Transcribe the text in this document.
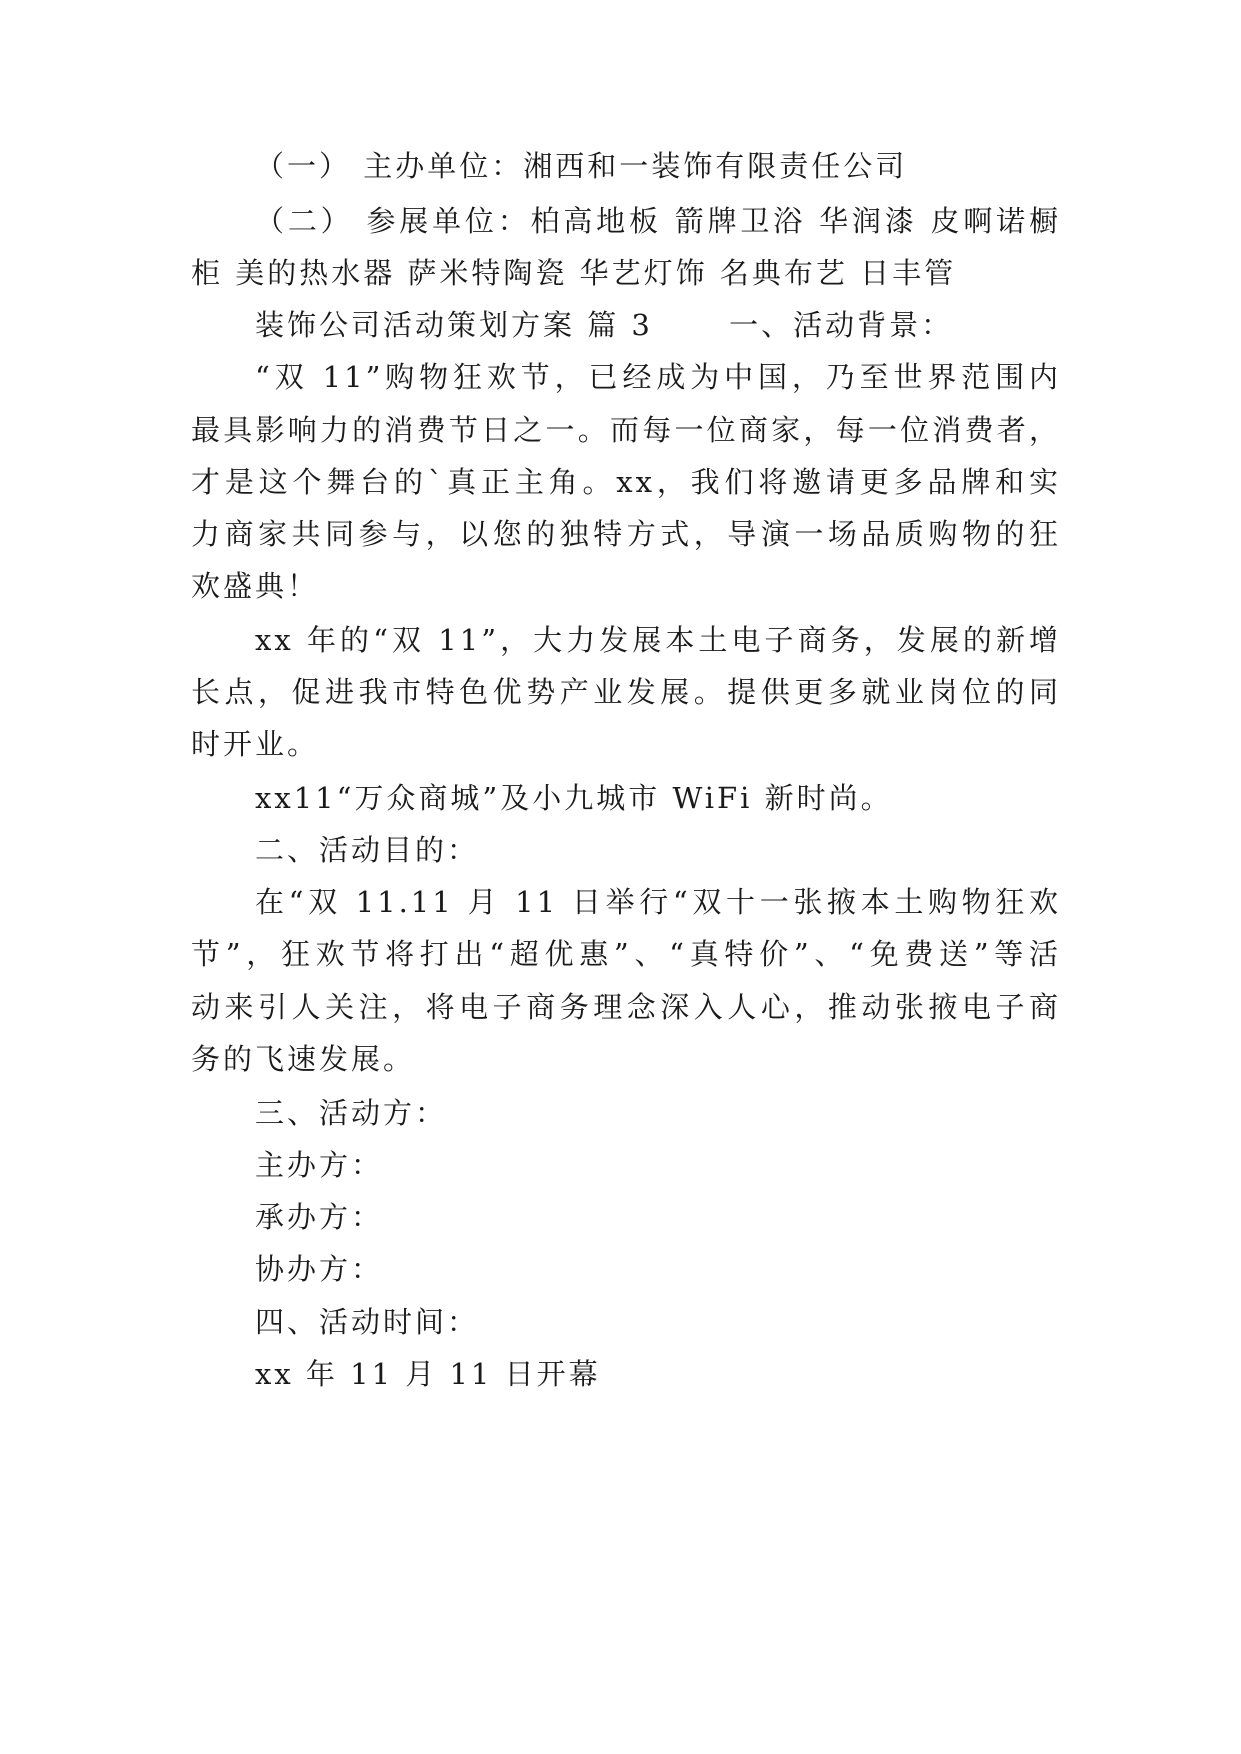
（一） 主办单位：湘西和一装饰有限责任公司
（二） 参展单位：柏高地板 箭牌卫浴 华润漆 皮啊诺橱
柜 美的热水器 萨米特陶瓷 华艺灯饰 名典布艺 日丰管
装饰公司活动策划方案 篇 3　　 一、活动背景：
“双 11”购物狂欢节，已经成为中国，乃至世界范围内
最具影响力的消费节日之一。而每一位商家，每一位消费者，
才是这个舞台的`真正主角。xx，我们将邀请更多品牌和实
力商家共同参与，以您的独特方式，导演一场品质购物的狂
欢盛典！
xx 年的“双 11”，大力发展本土电子商务，发展的新增
长点，促进我市特色优势产业发展。提供更多就业岗位的同
时开业。
xx11“万众商城”及小九城市 WiFi 新时尚。
二、活动目的：
在“双 11.11 月 11 日举行“双十一张掖本土购物狂欢
节”，狂欢节将打出“超优惠”、“真特价”、“免费送”等活
动来引人关注，将电子商务理念深入人心，推动张掖电子商
务的飞速发展。
三、活动方：
主办方：
承办方：
协办方：
四、活动时间：
xx 年 11 月 11 日开幕
